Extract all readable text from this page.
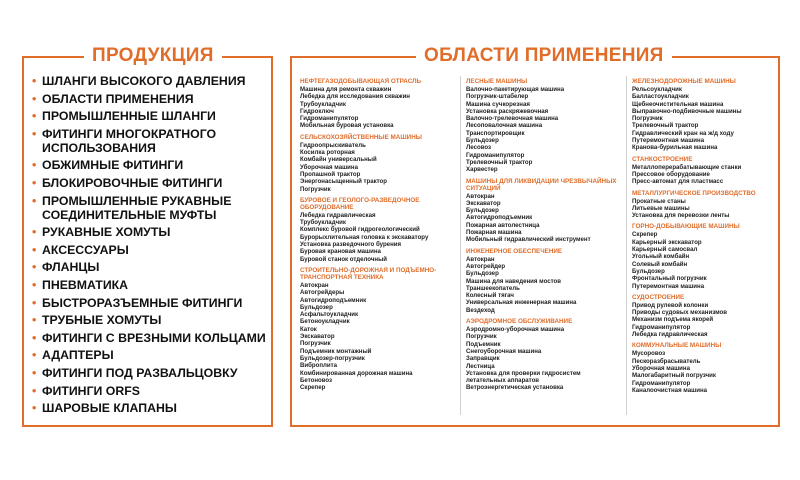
ПРОДУКЦИЯ
• ШЛАНГИ ВЫСОКОГО ДАВЛЕНИЯ
• ОБЛАСТИ ПРИМЕНЕНИЯ
• ПРОМЫШЛЕННЫЕ ШЛАНГИ
• ФИТИНГИ МНОГОКРАТНОГО ИСПОЛЬЗОВАНИЯ
• ОБЖИМНЫЕ ФИТИНГИ
• БЛОКИРОВОЧНЫЕ ФИТИНГИ
• ПРОМЫШЛЕННЫЕ РУКАВНЫЕ СОЕДИНИТЕЛЬНЫЕ МУФТЫ
• РУКАВНЫЕ ХОМУТЫ
• АКСЕССУАРЫ
• ФЛАНЦЫ
• ПНЕВМАТИКА
• БЫСТРОРАЗЪЕМНЫЕ ФИТИНГИ
• ТРУБНЫЕ ХОМУТЫ
• ФИТИНГИ С ВРЕЗНЫМИ КОЛЬЦАМИ
• АДАПТЕРЫ
• ФИТИНГИ ПОД РАЗВАЛЬЦОВКУ
• ФИТИНГИ ORFS
• ШАРОВЫЕ КЛАПАНЫ
ОБЛАСТИ ПРИМЕНЕНИЯ
НЕФТЕГАЗОДОБЫВАЮЩАЯ ОТРАСЛЬ
Машина для ремонта скважин
Лебедка для исследования скважин
Трубоукладчик
Гидроключ
Гидроманипулятор
Мобильная буровая установка
СЕЛЬСКОХОЗЯЙСТВЕННЫЕ МАШИНЫ
Гидроопрыскиватель
Косилка роторная
Комбайн универсальный
Уборочная машина
Пропашной трактор
Энергонасыщенный трактор
Погрузчик
БУРОВОЕ И ГЕОЛОГО-РАЗВЕДОЧНОЕ ОБОРУДОВАНИЕ
Лебедка гидравлическая
Трубоукладчик
Комплекс буровой гидрогеологический
Бурорыхлительная головка к экскаватору
Установка разведочного бурения
Буровая крановая машина
Буровой станок отделочный
СТРОИТЕЛЬНО-ДОРОЖНАЯ И ПОДЪЕМНО-ТРАНСПОРТНАЯ ТЕХНИКА
Автокран
Автогрейдеры
Автогидроподъемник
Бульдозер
Асфальтоукладчик
Бетоноукладчик
Каток
Экскаватор
Погрузчик
Подъемник монтажный
Бульдозер-погрузчик
Виброплита
Комбинированная дорожная машина
Бетоновоз
Скрепер
ЛЕСНЫЕ МАШИНЫ
Валочно-пакетирующая машина
Погрузчик-штабелер
Машина сучкорезная
Установка раскряжевочная
Валочно-трелевочная машина
Лесоповалочная машина
Транспортировщик
Бульдозер
Лесовоз
Гидроманипулятор
Трелевочный трактор
Харвестер
МАШИНЫ ДЛЯ ЛИКВИДАЦИИ ЧРЕЗВЫЧАЙНЫХ СИТУАЦИЙ
Автокран
Экскаватор
Бульдозер
Автогидроподъемник
Пожарная автолестница
Пожарная машина
Мобильный гидравлический инструмент
ИНЖЕНЕРНОЕ ОБЕСПЕЧЕНИЕ
Автокран
Автогрейдер
Бульдозер
Машина для наведения мостов
Траншеекопатель
Колесный тягач
Универсальная инженерная машина
Вездеход
АЭРОДРОМНОЕ ОБСЛУЖИВАНИЕ
Аэродромно-уборочная машина
Погрузчик
Подъемник
Снегоуборочная машина
Заправщик
Лестница
Установка для проверки гидросистем
летательных аппаратов
Ветроэнергетическая установка
ЖЕЛЕЗНОДОРОЖНЫЕ МАШИНЫ
Рельсоукладчик
Балластоукладчик
Щебнеочистительная машина
Выправочно-подбивочные машины
Погрузчик
Трелевочный трактор
Гидравлический кран на ж/д ходу
Путеремонтная машина
Кранова-бурильная машина
СТАНКОСТРОЕНИЕ
Металлоперерабатывающие станки
Прессовое оборудование
Пресс-автомат для пластмасс
МЕТАЛЛУРГИЧЕСКОЕ ПРОИЗВОДСТВО
Прокатные станы
Литьевые машины
Установка для перевозки ленты
ГОРНО-ДОБЫВАЮЩИЕ МАШИНЫ
Скрепер
Карьерный экскаватор
Карьерный самосвал
Угольный комбайн
Солевый комбайн
Бульдозер
Фронтальный погрузчик
Путеремонтная машина
СУДОСТРОЕНИЕ
Привод рулевой колонки
Приводы судовых механизмов
Механизм подъема якорей
Гидроманипулятор
Лебедка гидравлическая
КОММУНАЛЬНЫЕ МАШИНЫ
Мусоровоз
Пескоразбрасыватель
Уборочная машина
Малогабаритный погрузчик
Гидроманипулятор
Каналоочистная машина
